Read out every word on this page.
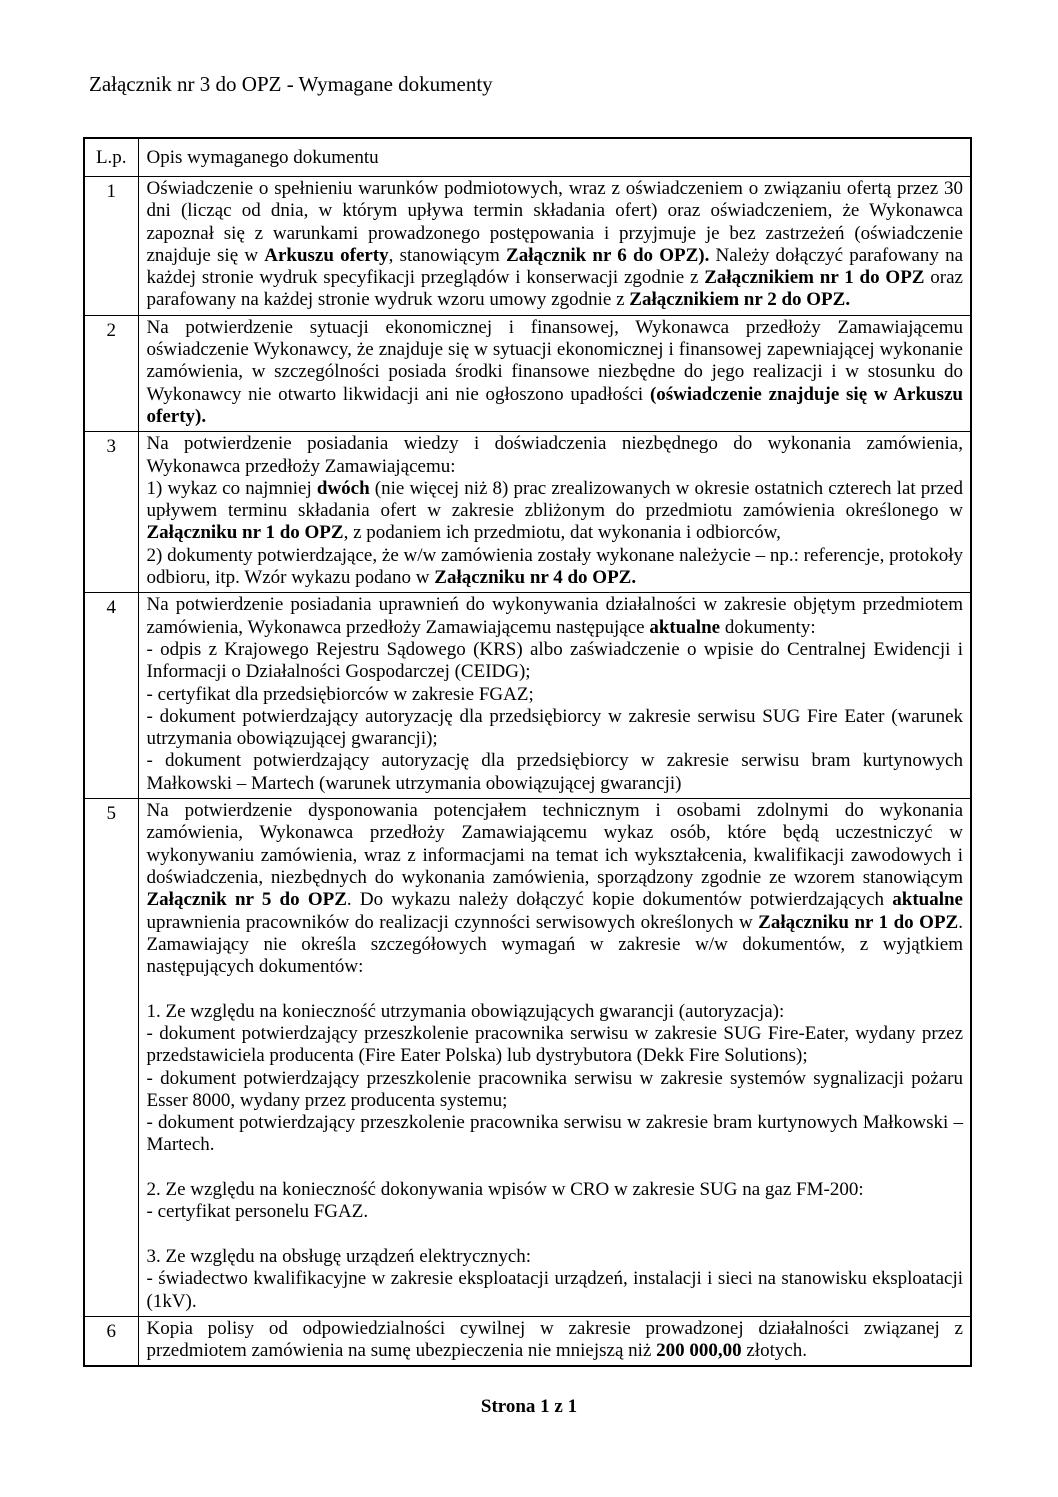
Załącznik nr 3 do OPZ - Wymagane dokumenty
L.p.	Opis wymaganego dokumentu
1	Oświadczenie o spełnieniu warunków podmiotowych, wraz z oświadczeniem o związaniu ofertą przez 30 dni (licząc od dnia, w którym upływa termin składania ofert) oraz oświadczeniem, że Wykonawca zapoznał się z warunkami prowadzonego postępowania i przyjmuje je bez zastrzeżeń (oświadczenie znajduje się w Arkuszu oferty, stanowiącym Załącznik nr 6 do OPZ). Należy dołączyć parafowany na każdej stronie wydruk specyfikacji przeglądów i konserwacji zgodnie z Załącznikiem nr 1 do OPZ oraz parafowany na każdej stronie wydruk wzoru umowy zgodnie z Załącznikiem nr 2 do OPZ.

2	Na potwierdzenie sytuacji ekonomicznej i finansowej, Wykonawca przedłoży Zamawiającemu oświadczenie Wykonawcy, że znajduje się w sytuacji ekonomicznej i finansowej zapewniającej wykonanie zamówienia, w szczególności posiada środki finansowe niezbędne do jego realizacji i w stosunku do Wykonawcy nie otwarto likwidacji ani nie ogłoszono upadłości (oświadczenie znajduje się w Arkuszu oferty).

3	Na potwierdzenie posiadania wiedzy i doświadczenia niezbędnego do wykonania zamówienia, Wykonawca przedłoży Zamawiającemu:
1) wykaz co najmniej dwóch (nie więcej niż 8) prac zrealizowanych w okresie ostatnich czterech lat przed upływem terminu składania ofert w zakresie zbliżonym do przedmiotu zamówienia określonego w Załączniku nr 1 do OPZ, z podaniem ich przedmiotu, dat wykonania i odbiorców,
2) dokumenty potwierdzające, że w/w zamówienia zostały wykonane należycie – np.: referencje, protokoły odbioru, itp. Wzór wykazu podano w Załączniku nr 4 do OPZ.

4	Na potwierdzenie posiadania uprawnień do wykonywania działalności w zakresie objętym przedmiotem zamówienia, Wykonawca przedłoży Zamawiającemu następujące aktualne dokumenty:
- odpis z Krajowego Rejestru Sądowego (KRS) albo zaświadczenie o wpisie do Centralnej Ewidencji i Informacji o Działalności Gospodarczej (CEIDG);
- certyfikat dla przedsiębiorców w zakresie FGAZ;
- dokument potwierdzający autoryzację dla przedsiębiorcy w zakresie serwisu SUG Fire Eater (warunek utrzymania obowiązującej gwarancji);
- dokument potwierdzający autoryzację dla przedsiębiorcy w zakresie serwisu bram kurtynowych Małkowski – Martech (warunek utrzymania obowiązującej gwarancji)

5	Na potwierdzenie dysponowania potencjałem technicznym i osobami zdolnymi do wykonania zamówienia, Wykonawca przedłoży Zamawiającemu wykaz osób, które będą uczestniczyć w wykonywaniu zamówienia, wraz z informacjami na temat ich wykształcenia, kwalifikacji zawodowych i doświadczenia, niezbędnych do wykonania zamówienia, sporządzony zgodnie ze wzorem stanowiącym Załącznik nr 5 do OPZ. Do wykazu należy dołączyć kopie dokumentów potwierdzających aktualne uprawnienia pracowników do realizacji czynności serwisowych określonych w Załączniku nr 1 do OPZ. Zamawiający nie określa szczegółowych wymagań w zakresie w/w dokumentów, z wyjątkiem następujących dokumentów:
1. Ze względu na konieczność utrzymania obowiązujących gwarancji (autoryzacja):
- dokument potwierdzający przeszkolenie pracownika serwisu w zakresie SUG Fire-Eater, wydany przez przedstawiciela producenta (Fire Eater Polska) lub dystrybutora (Dekk Fire Solutions);
- dokument potwierdzający przeszkolenie pracownika serwisu w zakresie systemów sygnalizacji pożaru Esser 8000, wydany przez producenta systemu;
- dokument potwierdzający przeszkolenie pracownika serwisu w zakresie bram kurtynowych Małkowski – Martech.
2. Ze względu na konieczność dokonywania wpisów w CRO w zakresie SUG na gaz FM-200:
- certyfikat personelu FGAZ.
3. Ze względu na obsługę urządzeń elektrycznych:
- świadectwo kwalifikacyjne w zakresie eksploatacji urządzeń, instalacji i sieci na stanowisku eksploatacji (1kV).

6	Kopia polisy od odpowiedzialności cywilnej w zakresie prowadzonej działalności związanej z przedmiotem zamówienia na sumę ubezpieczenia nie mniejszą niż 200 000,00 złotych.
Strona 1 z 1
